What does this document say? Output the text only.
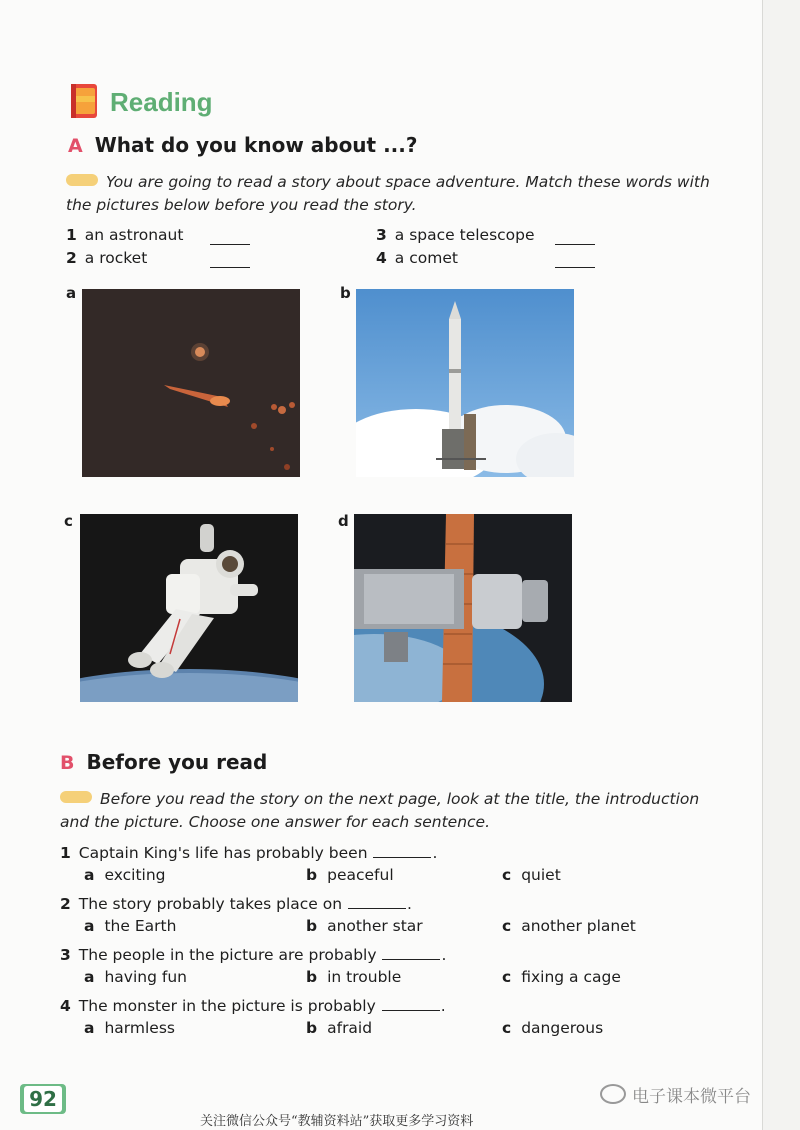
Reading
A What do you know about ...?
You are going to read a story about space adventure. Match these words with the pictures below before you read the story.
1 an astronaut
2 a rocket
3 a space telescope
4 a comet
a	b
c	d
B Before you read
Before you read the story on the next page, look at the title, the introduction and the picture. Choose one answer for each sentence.
1 Captain King's life has probably been	.
a exciting	b peaceful	c quiet
2 The story probably takes place on	.
a the Earth	b another star	c another planet
3 The people in the picture are probably	.
a having fun	b in trouble	c fixing a cage
4 The monster in the picture is probably	.
a harmless	b afraid	c dangerous
92	电子课本微平台
关注微信公众号“教辅资料站”获取更多学习资料
